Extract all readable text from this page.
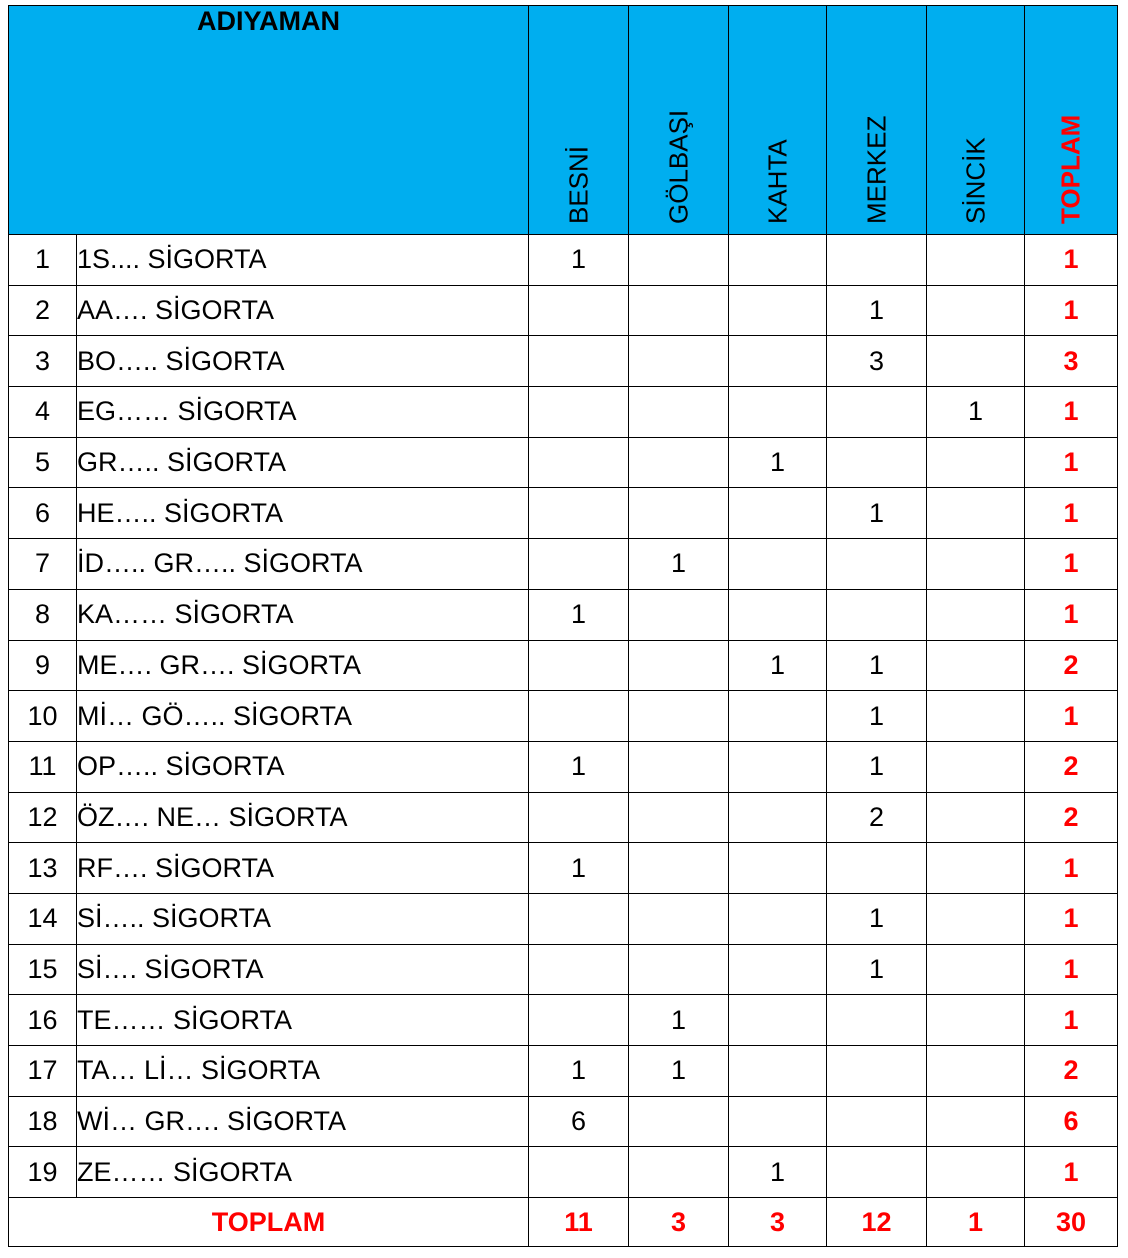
ADIYAMAN		BESNİ	GÖLBAŞI	KAHTA	MERKEZ	SİNCİK	TOPLAM

1	1S.... SİGORTA	1					1
2	AA…. SİGORTA				1		1
3	BO….. SİGORTA				3		3
4	EG…… SİGORTA					1	1
5	GR….. SİGORTA			1			1
6	HE….. SİGORTA				1		1
7	İD….. GR….. SİGORTA		1				1
8	KA…… SİGORTA	1					1
9	ME…. GR…. SİGORTA			1	1		2
10	Mİ… GÖ….. SİGORTA				1		1
11	OP….. SİGORTA	1			1		2
12	ÖZ…. NE… SİGORTA				2		2
13	RF…. SİGORTA	1					1
14	Sİ….. SİGORTA				1		1
15	Sİ…. SİGORTA				1		1
16	TE…… SİGORTA		1				1
17	TA… Lİ… SİGORTA	1	1				2
18	Wİ… GR…. SİGORTA	6					6
19	ZE…… SİGORTA			1			1
TOPLAM		11	3	3	12	1	30
